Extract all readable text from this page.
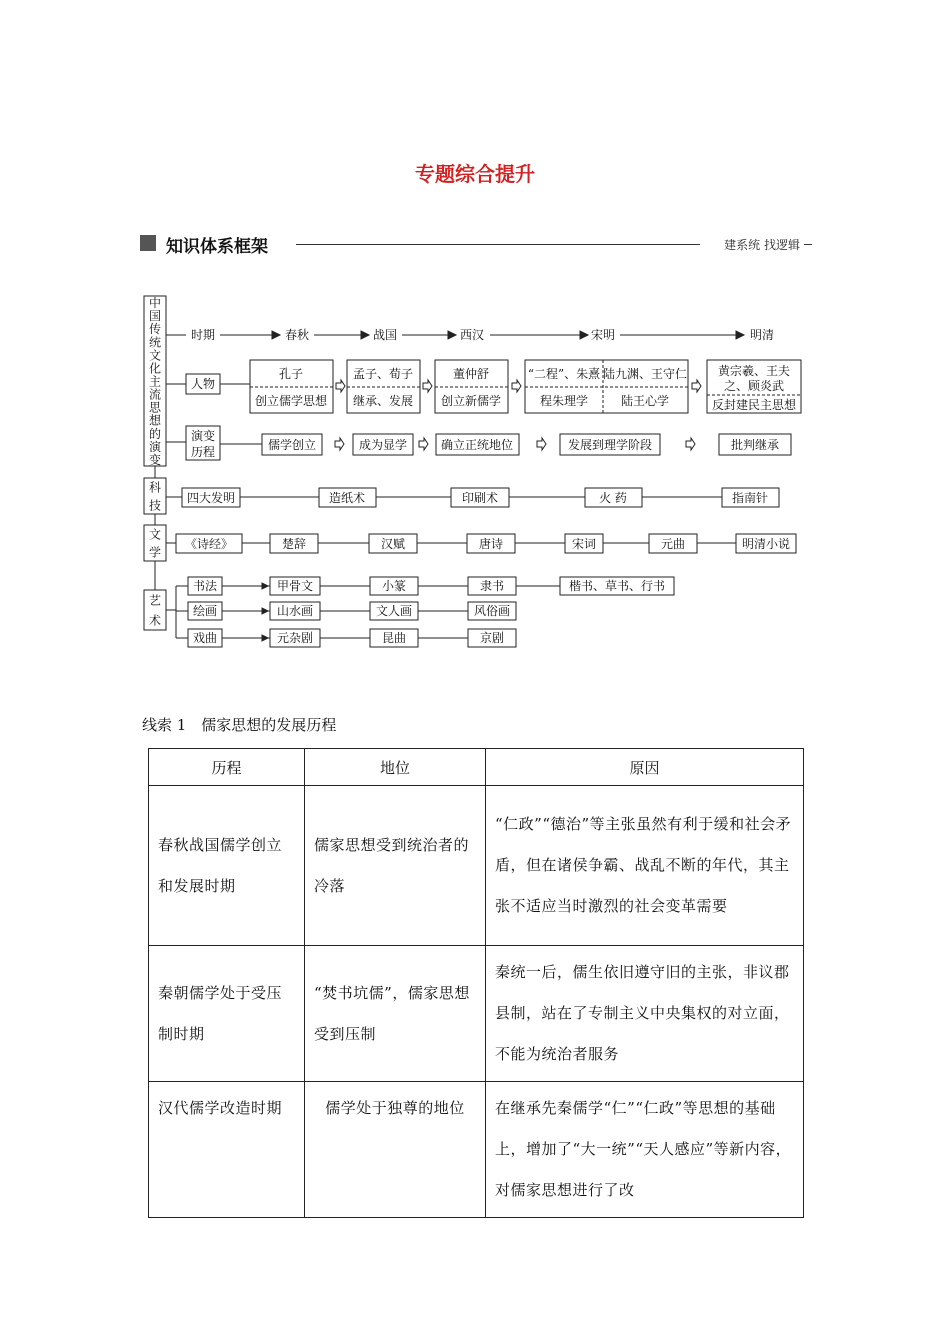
专题综合提升
知识体系框架	建系统 找逻辑
中国传统文化主流思想的演变
科技
文学
艺术
时期	春秋	战国	西汉	宋明	明清
人物
孔子
创立儒学思想
孟子、荀子
继承、发展
董仲舒
创立新儒学
“二程”、朱熹
程朱理学
陆九渊、王守仁
陆王心学
黄宗羲、王夫
之、顾炎武
反封建民主思想
演变
历程	儒学创立	成为显学	确立正统地位	发展到理学阶段	批判继承
四大发明	造纸术	印刷术	火 药	指南针
《诗经》	楚辞	汉赋	唐诗	宋词	元曲	明清小说
书法	甲骨文	小篆	隶书	楷书、草书、行书
绘画	山水画	文人画	风俗画
戏曲	元杂剧	昆曲	京剧
线索 1　儒家思想的发展历程
历程	地位	原因
春秋战国儒学创立和发展时期	儒家思想受到统治者的冷落	“仁政”“德治”等主张虽然有利于缓和社会矛盾，但在诸侯争霸、战乱不断的年代，其主张不适应当时激烈的社会变革需要
秦朝儒学处于受压制时期	“焚书坑儒”，儒家思想受到压制	秦统一后，儒生依旧遵守旧的主张，非议郡县制，站在了专制主义中央集权的对立面，不能为统治者服务
汉代儒学改造时期	儒学处于独尊的地位	在继承先秦儒学“仁”“仁政”等思想的基础上，增加了“大一统”“天人感应”等新内容，对儒家思想进行了改
